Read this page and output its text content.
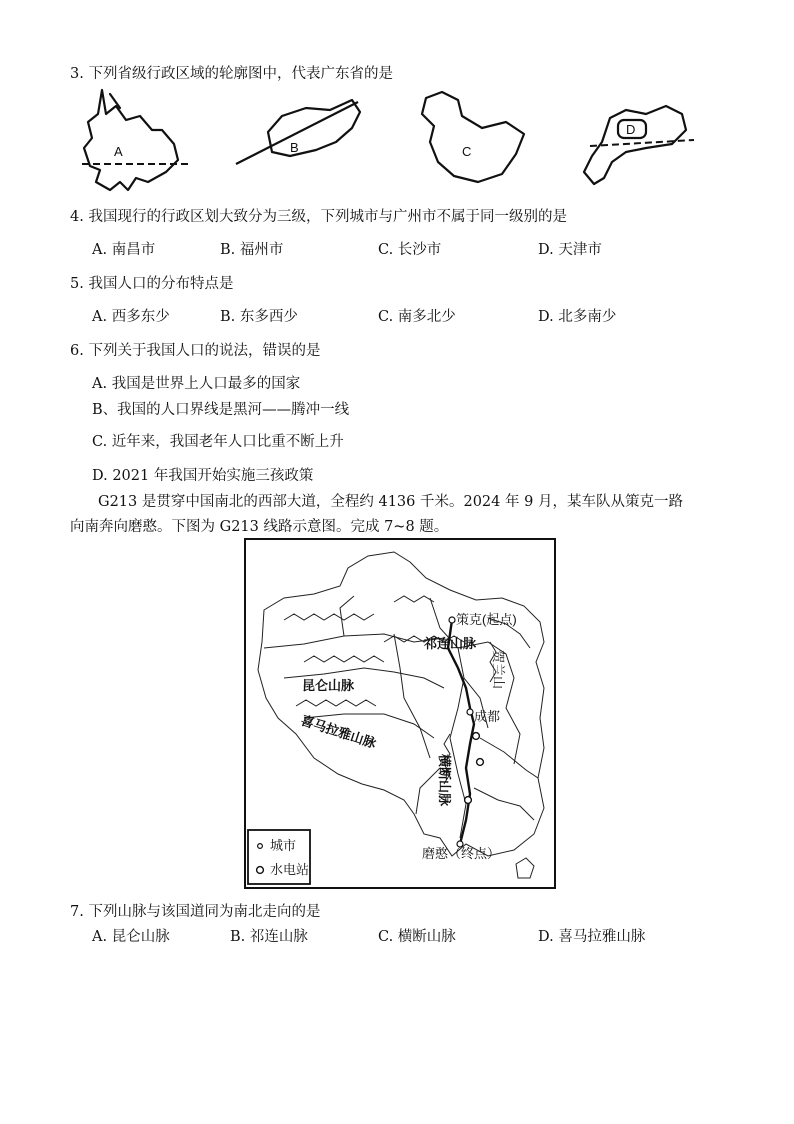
3. 下列省级行政区域的轮廓图中，代表广东省的是
A	B	C
D
4. 我国现行的行政区划大致分为三级，下列城市与广州市不属于同一级别的是
A. 南昌市	B. 福州市	C. 长沙市	D. 天津市
5. 我国人口的分布特点是
A. 西多东少	B. 东多西少	C. 南多北少	D. 北多南少
6. 下列关于我国人口的说法，错误的是
A. 我国是世界上人口最多的国家
B、我国的人口界线是黑河——腾冲一线
C. 近年来，我国老年人口比重不断上升
D. 2021 年我国开始实施三孩政策
G213 是贯穿中国南北的西部大道，全程约 4136 千米。2024 年 9 月，某车队从策克一路
向南奔向磨憨。下图为 G213 线路示意图。完成 7~8 题。
策克(起点)
祁连山脉
昆仑山脉
喜马拉雅山脉
横断山脉
贺兰山
成都
磨憨（终点）
城市
水电站
7. 下列山脉与该国道同为南北走向的是
A. 昆仑山脉	B. 祁连山脉	C. 横断山脉	D. 喜马拉雅山脉
